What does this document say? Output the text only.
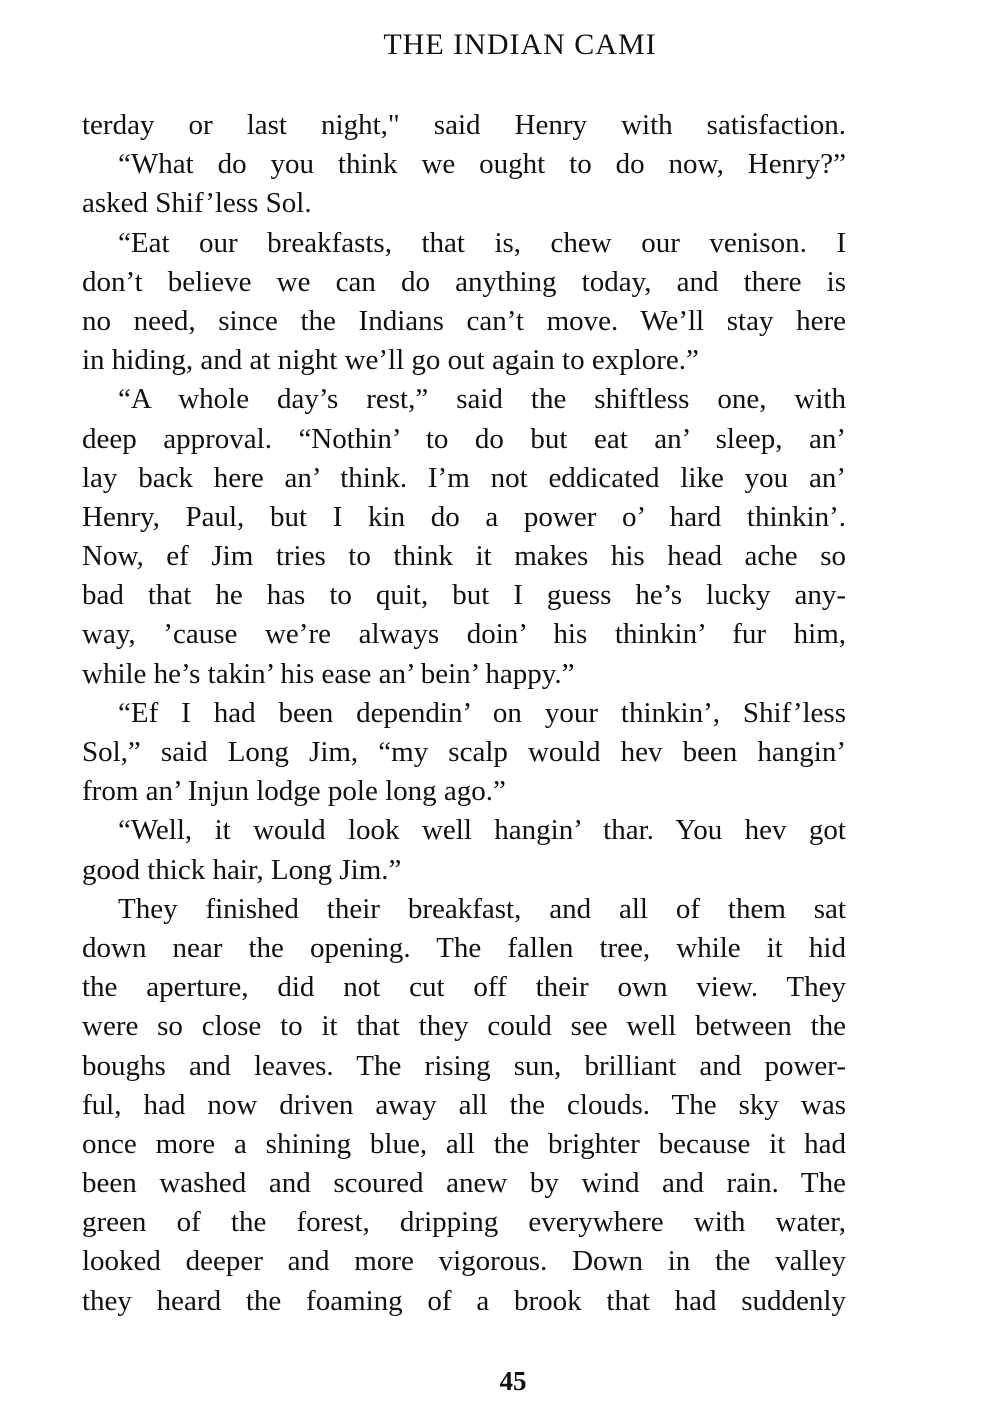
THE INDIAN CAMI
terday or last night," said Henry with satisfaction.
“What do you think we ought to do now, Henry?”
asked Shif’less Sol.
“Eat our breakfasts, that is, chew our venison. I
don’t believe we can do anything today, and there is
no need, since the Indians can’t move. We’ll stay here
in hiding, and at night we’ll go out again to explore.”
“A whole day’s rest,” said the shiftless one, with
deep approval. “Nothin’ to do but eat an’ sleep, an’
lay back here an’ think. I’m not eddicated like you an’
Henry, Paul, but I kin do a power o’ hard thinkin’.
Now, ef Jim tries to think it makes his head ache so
bad that he has to quit, but I guess he’s lucky any-
way, ’cause we’re always doin’ his thinkin’ fur him,
while he’s takin’ his ease an’ bein’ happy.”
“Ef I had been dependin’ on your thinkin’, Shif’less
Sol,” said Long Jim, “my scalp would hev been hangin’
from an’ Injun lodge pole long ago.”
“Well, it would look well hangin’ thar. You hev got
good thick hair, Long Jim.”
They finished their breakfast, and all of them sat
down near the opening. The fallen tree, while it hid
the aperture, did not cut off their own view. They
were so close to it that they could see well between the
boughs and leaves. The rising sun, brilliant and power-
ful, had now driven away all the clouds. The sky was
once more a shining blue, all the brighter because it had
been washed and scoured anew by wind and rain. The
green of the forest, dripping everywhere with water,
looked deeper and more vigorous. Down in the valley
they heard the foaming of a brook that had suddenly
45
